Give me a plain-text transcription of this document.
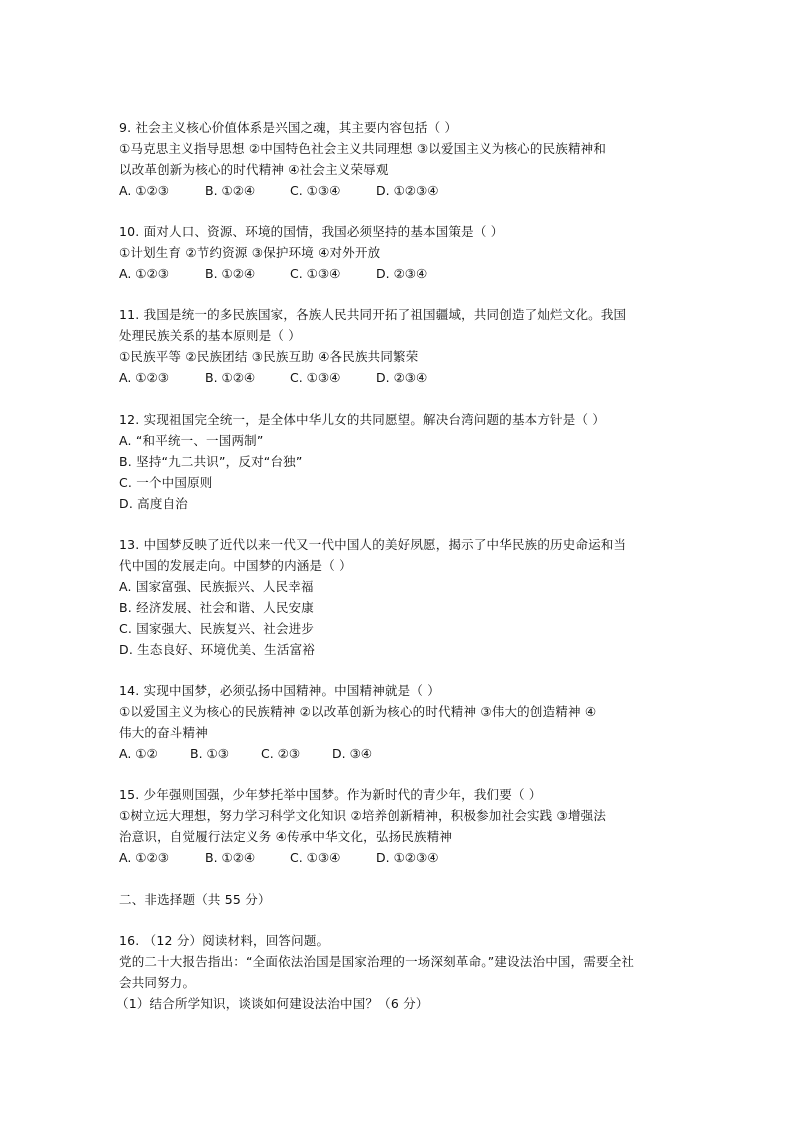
9. 社会主义核心价值体系是兴国之魂，其主要内容包括（ ）
①马克思主义指导思想 ②中国特色社会主义共同理想 ③以爱国主义为核心的民族精神和
以改革创新为核心的时代精神 ④社会主义荣辱观
A. ①②③	B. ①②④	C. ①③④	D. ①②③④
10. 面对人口、资源、环境的国情，我国必须坚持的基本国策是（ ）
①计划生育 ②节约资源 ③保护环境 ④对外开放
A. ①②③	B. ①②④	C. ①③④	D. ②③④
11. 我国是统一的多民族国家，各族人民共同开拓了祖国疆域，共同创造了灿烂文化。我国
处理民族关系的基本原则是（ ）
①民族平等 ②民族团结 ③民族互助 ④各民族共同繁荣
A. ①②③	B. ①②④	C. ①③④	D. ②③④
12. 实现祖国完全统一，是全体中华儿女的共同愿望。解决台湾问题的基本方针是（ ）
A. “和平统一、一国两制”
B. 坚持“九二共识”，反对“台独”
C. 一个中国原则
D. 高度自治
13. 中国梦反映了近代以来一代又一代中国人的美好夙愿，揭示了中华民族的历史命运和当
代中国的发展走向。中国梦的内涵是（ ）
A. 国家富强、民族振兴、人民幸福
B. 经济发展、社会和谐、人民安康
C. 国家强大、民族复兴、社会进步
D. 生态良好、环境优美、生活富裕
14. 实现中国梦，必须弘扬中国精神。中国精神就是（ ）
①以爱国主义为核心的民族精神 ②以改革创新为核心的时代精神 ③伟大的创造精神 ④
伟大的奋斗精神
A. ①②	B. ①③	C. ②③	D. ③④
15. 少年强则国强，少年梦托举中国梦。作为新时代的青少年，我们要（ ）
①树立远大理想，努力学习科学文化知识 ②培养创新精神，积极参加社会实践 ③增强法
治意识，自觉履行法定义务 ④传承中华文化，弘扬民族精神
A. ①②③	B. ①②④	C. ①③④	D. ①②③④
二、非选择题（共 55 分）
16. （12 分）阅读材料，回答问题。
党的二十大报告指出：“全面依法治国是国家治理的一场深刻革命。”建设法治中国，需要全社
会共同努力。
（1）结合所学知识，谈谈如何建设法治中国？（6 分）
